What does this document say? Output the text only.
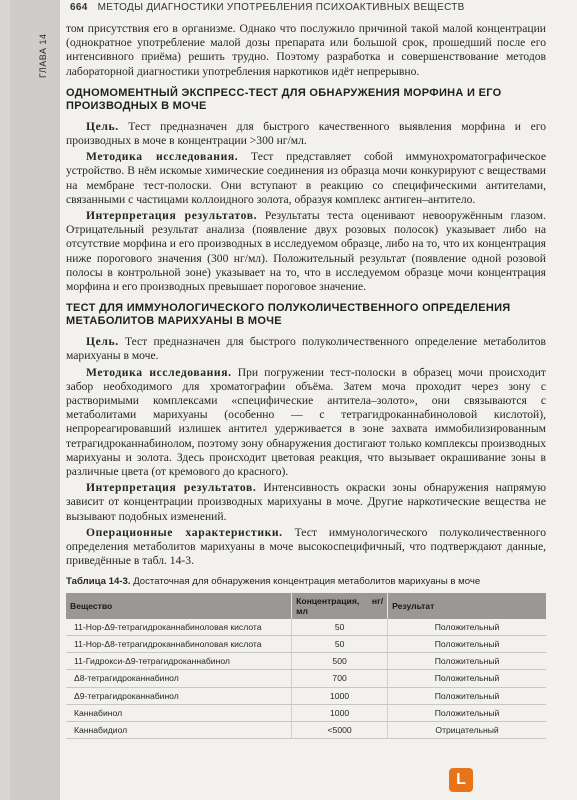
ГЛАВА 14
664 МЕТОДЫ ДИАГНОСТИКИ УПОТРЕБЛЕНИЯ ПСИХОАКТИВНЫХ ВЕЩЕСТВ

том присутствия его в организме. Однако что послужило причиной такой малой концентрации (однократное употребление малой дозы препарата или большой срок, прошедший после его интенсивного приёма) решить трудно. Поэтому разработка и совершенствование методов лабораторной диагностики употребления наркотиков идёт непрерывно.

ОДНОМОМЕНТНЫЙ ЭКСПРЕСС-ТЕСТ ДЛЯ ОБНАРУЖЕНИЯ МОРФИНА И ЕГО ПРОИЗВОДНЫХ В МОЧЕ

Цель. Тест предназначен для быстрого качественного выявления морфина и его производных в моче в концентрации >300 нг/мл.

Методика исследования. Тест представляет собой иммунохроматографическое устройство. В нём искомые химические соединения из образца мочи конкурируют с веществами на мембране тест-полоски. Они вступают в реакцию со специфическими антителами, связанными с частицами коллоидного золота, образуя комплекс антиген–антитело.

Интерпретация результатов. Результаты теста оценивают невооружённым глазом. Отрицательный результат анализа (появление двух розовых полосок) указывает либо на отсутствие морфина и его производных в исследуемом образце, либо на то, что их концентрация ниже порогового значения (300 нг/мл). Положительный результат (появление одной розовой полосы в контрольной зоне) указывает на то, что в исследуемом образце мочи концентрация морфина и его производных превышает пороговое значение.

ТЕСТ ДЛЯ ИММУНОЛОГИЧЕСКОГО ПОЛУКОЛИЧЕСТВЕННОГО ОПРЕДЕЛЕНИЯ МЕТАБОЛИТОВ МАРИХУАНЫ В МОЧЕ

Цель. Тест предназначен для быстрого полуколичественного определение метаболитов марихуаны в моче.

Методика исследования. При погружении тест-полоски в образец мочи происходит забор необходимого для хроматографии объёма. Затем моча проходит через зону с растворимыми комплексами «специфические антитела–золото», они связываются с метаболитами марихуаны (особенно — с тетрагидроканнабиноловой кислотой), непрореагировавший излишек антител удерживается в зоне захвата иммобилизированным тетрагидроканнабинолом, поэтому зону обнаружения достигают только комплексы производных марихуаны и золота. Здесь происходит цветовая реакция, что вызывает окрашивание зоны в различные цвета (от кремового до красного).

Интерпретация результатов. Интенсивность окраски зоны обнаружения напрямую зависит от концентрации производных марихуаны в моче. Другие наркотические вещества не вызывают подобных изменений.

Операционные характеристики. Тест иммунологического полуколичественного определения метаболитов марихуаны в моче высокоспецифичный, что подтверждают данные, приведённые в табл. 14-3.

Таблица 14-3. Достаточная для обнаружения концентрация метаболитов марихуаны в моче
Вещество	Концентрация, нг/мл	Результат
11-Нор-Δ9-тетрагидроканнабиноловая кислота	50	Положительный
11-Нор-Δ8-тетрагидроканнабиноловая кислота	50	Положительный
11-Гидрокси-Δ9-тетрагидроканнабинол	500	Положительный
Δ8-тетрагидроканнабинол	700	Положительный
Δ9-тетрагидроканнабинол	1000	Положительный
Каннабинол	1000	Положительный
Каннабидиол	<5000	Отрицательный
L
